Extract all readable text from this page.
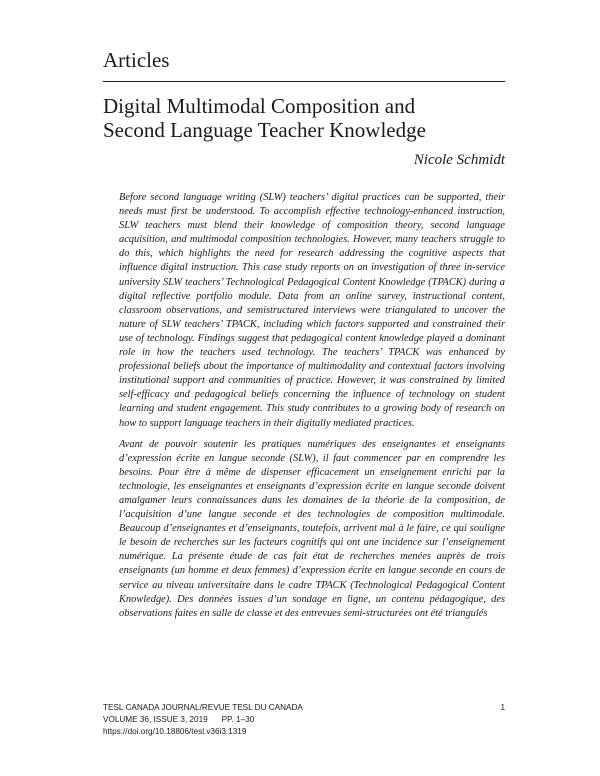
Articles
Digital Multimodal Composition and
Second Language Teacher Knowledge
Nicole Schmidt

Before second language writing (SLW) teachers’ digital practices can be supported, their needs must first be understood. To accomplish effective technology-enhanced instruction, SLW teachers must blend their knowledge of composition theory, second language acquisition, and multimodal composition technologies. However, many teachers struggle to do this, which highlights the need for research addressing the cognitive aspects that influence digital instruction. This case study reports on an investigation of three in-service university SLW teachers’ Technological Pedagogical Content Knowledge (TPACK) during a digital reflective portfolio module. Data from an online survey, instructional content, classroom observations, and semistructured interviews were triangulated to uncover the nature of SLW teachers’ TPACK, including which factors supported and constrained their use of technology. Findings suggest that pedagogical content knowledge played a dominant role in how the teachers used technology. The teachers’ TPACK was enhanced by professional beliefs about the importance of multimodality and contextual factors involving institutional support and communities of practice. However, it was constrained by limited self-efficacy and pedagogical beliefs concerning the influence of technology on student learning and student engagement. This study contributes to a growing body of research on how to support language teachers in their digitally mediated practices.

Avant de pouvoir soutenir les pratiques numériques des enseignantes et enseignants d’expression écrite en langue seconde (SLW), il faut commencer par en comprendre les besoins. Pour être à même de dispenser efficacement un enseignement enrichi par la technologie, les enseignantes et enseignants d’expression écrite en langue seconde doivent amalgamer leurs connaissances dans les domaines de la théorie de la composition, de l’acquisition d’une langue seconde et des technologies de composition multimodale. Beaucoup d’enseignantes et d’enseignants, toutefois, arrivent mal à le faire, ce qui souligne le besoin de recherches sur les facteurs cognitifs qui ont une incidence sur l’enseignement numérique. La présente étude de cas fait état de recherches menées auprès de trois enseignants (un homme et deux femmes) d’expression écrite en langue seconde en cours de service au niveau universitaire dans le cadre TPACK (Technological Pedagogical Content Knowledge). Des données issues d’un sondage en ligne, un contenu pédagogique, des observations faites en salle de classe et des entrevues semi-structurées ont été triangulés

TESL CANADA JOURNAL/REVUE TESL DU CANADA	1
VOLUME 36, ISSUE 3, 2019 PP. 1–30
https://doi.org/10.18806/tesl.v36i3.1319
